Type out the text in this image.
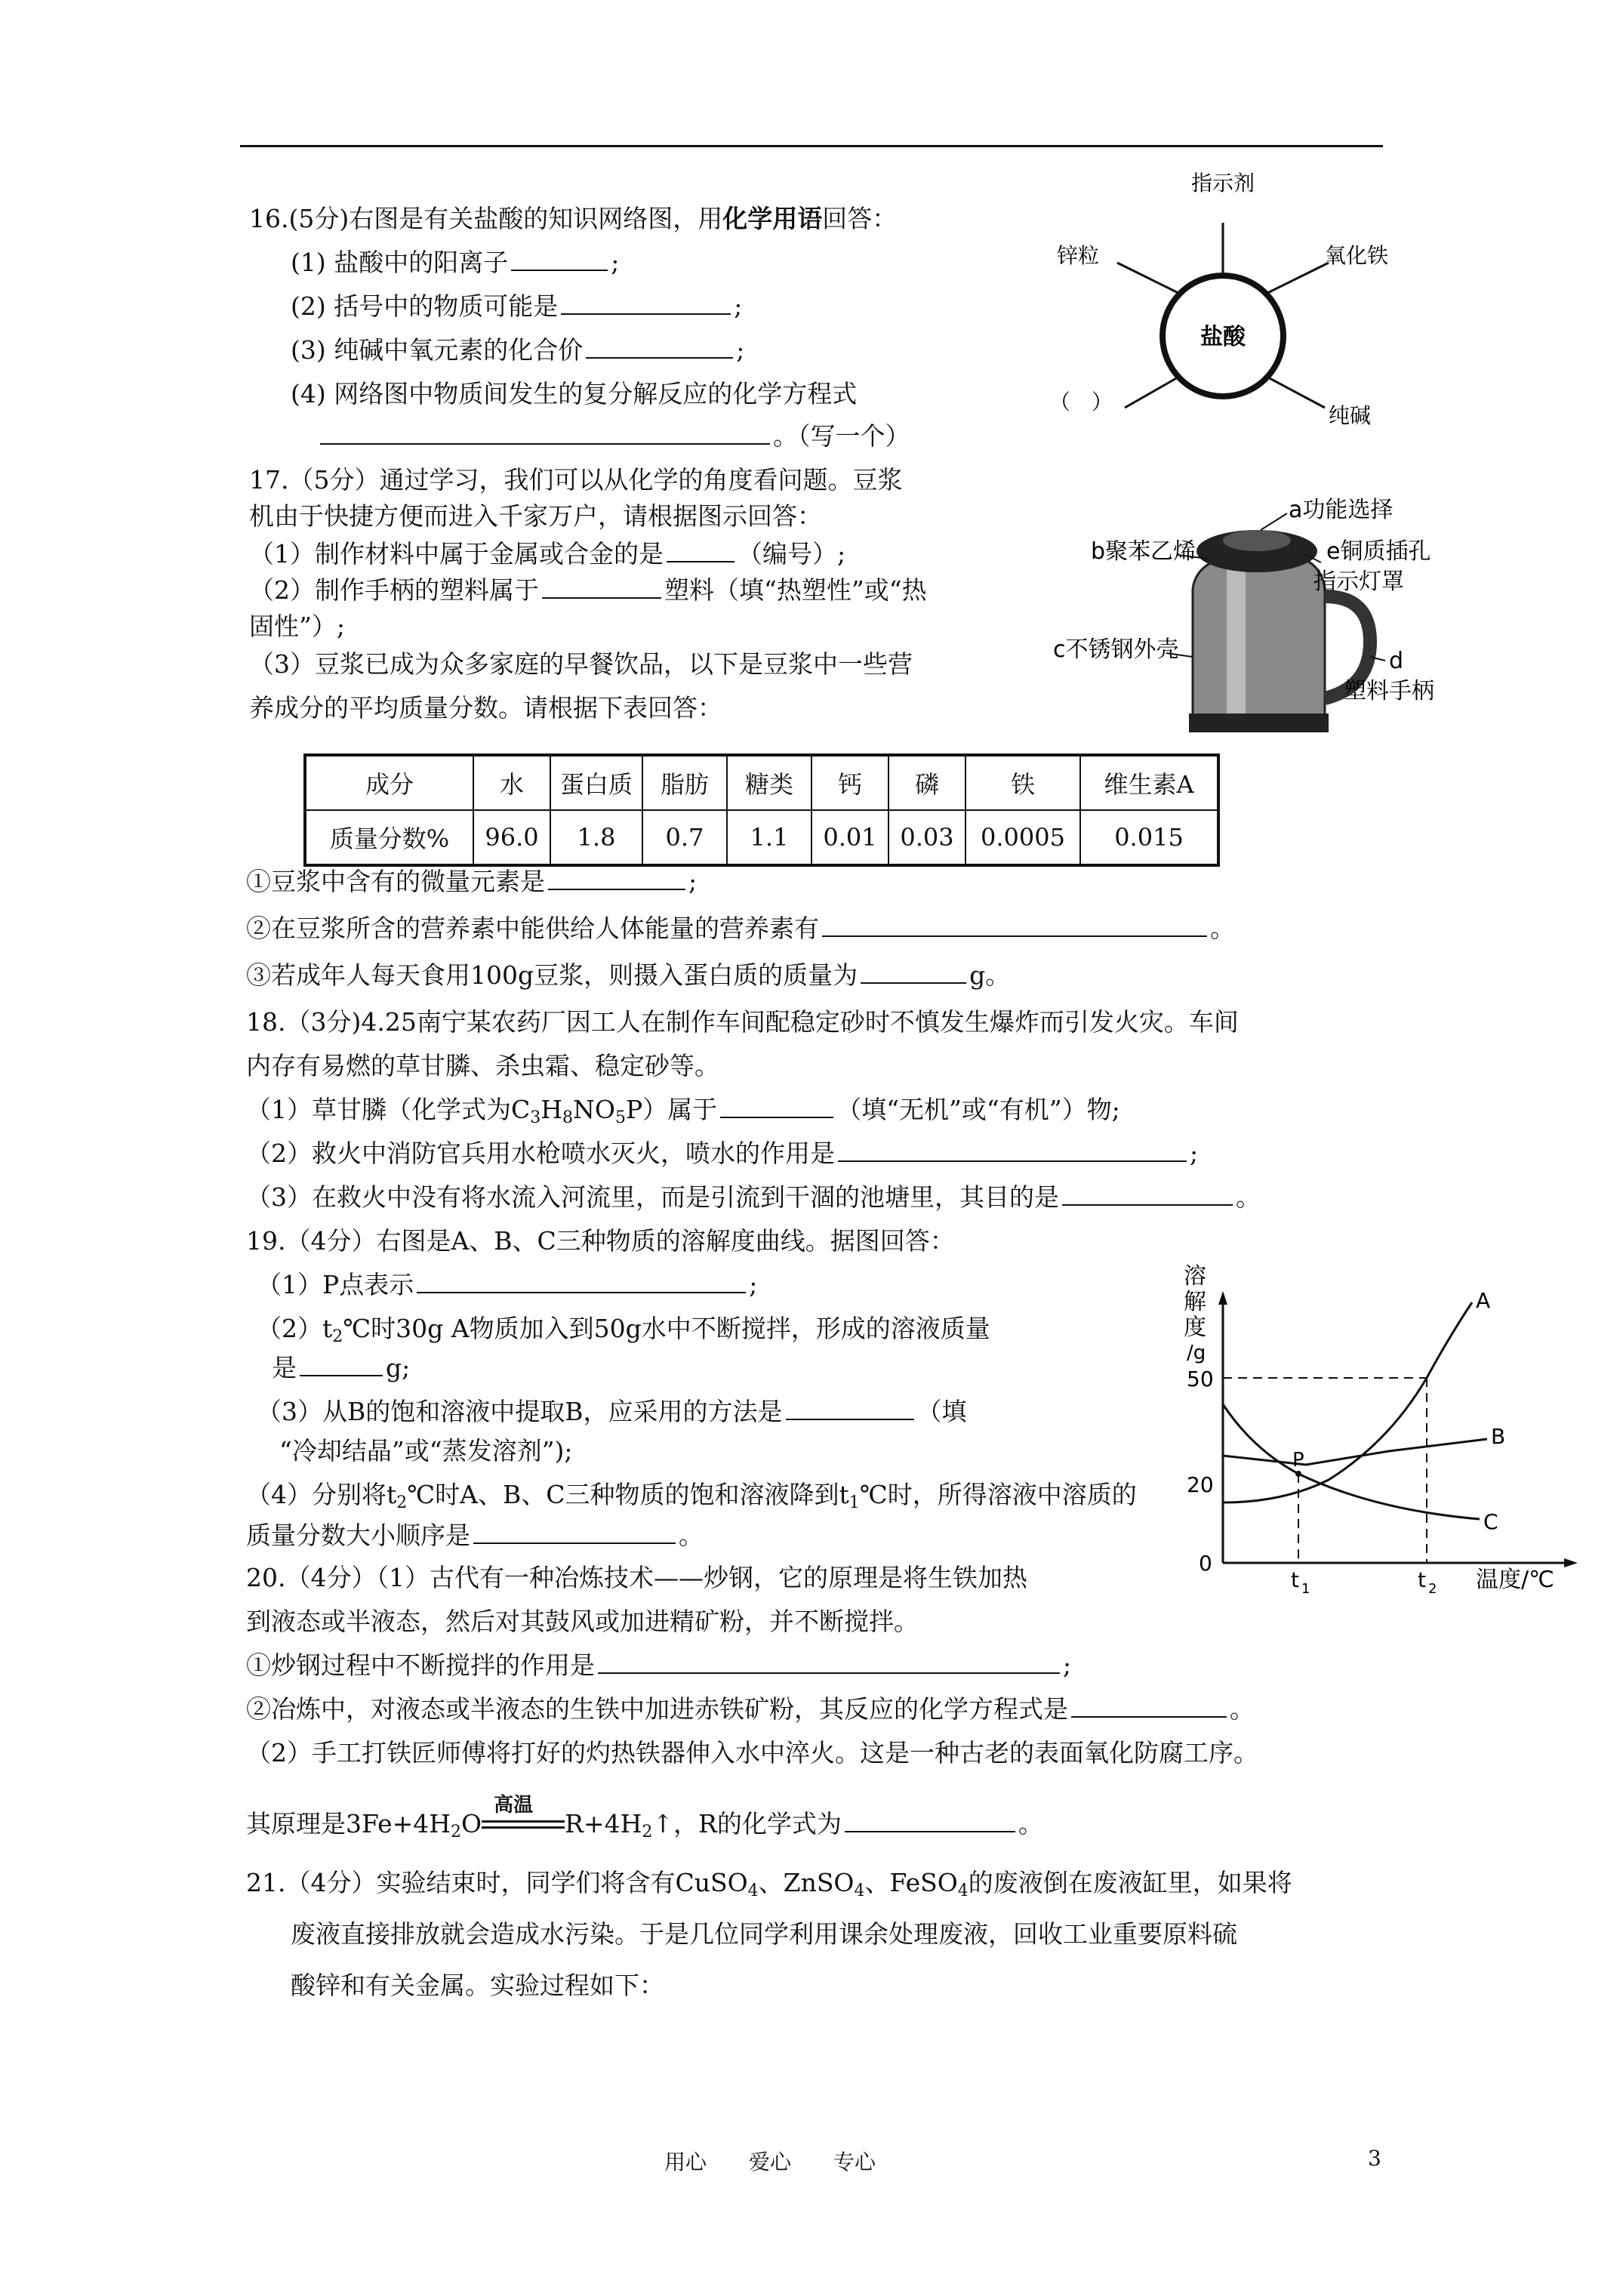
16.(5分)右图是有关盐酸的知识网络图，用化学用语回答：
(1) 盐酸中的阳离子	;
(2) 括号中的物质可能是	;
(3) 纯碱中氧元素的化合价	;
(4) 网络图中物质间发生的复分解反应的化学方程式
。（写一个）
盐酸
指示剂
锌粒	氧化铁
（　）
纯碱
17.（5分）通过学习，我们可以从化学的角度看问题。豆浆
机由于快捷方便而进入千家万户，请根据图示回答：
（1）制作材料中属于金属或合金的是	（编号）;
（2）制作手柄的塑料属于	塑料（填“热塑性”或“热
固性”）;
（3）豆浆已成为众多家庭的早餐饮品，以下是豆浆中一些营
养成分的平均质量分数。请根据下表回答：
a功能选择
b聚苯乙烯	e铜质插孔
指示灯罩
c不锈钢外壳	d
塑料手柄
成分	水	蛋白质	脂肪	糖类	钙	磷	铁	维生素A
质量分数%	96.0	1.8	0.7	1.1	0.01	0.03	0.0005	0.015
①豆浆中含有的微量元素是	;
②在豆浆所含的营养素中能供给人体能量的营养素有	。
③若成年人每天食用100g豆浆，则摄入蛋白质的质量为	g。
18.（3分)4.25南宁某农药厂因工人在制作车间配稳定砂时不慎发生爆炸而引发火灾。车间
内存有易燃的草甘膦、杀虫霜、稳定砂等。
（1）草甘膦（化学式为$C_3H_8NO_5P$）属于	（填“无机”或“有机”）物;
（2）救火中消防官兵用水枪喷水灭火，喷水的作用是	;
（3）在救火中没有将水流入河流里，而是引流到干涸的池塘里，其目的是	。
19.（4分）右图是A、B、C三种物质的溶解度曲线。据图回答：
（1）P点表示	;
$(2)t_2℃$时30g A物质加入到50g水中不断搅拌，形成的溶液质量
是	g;
（3）从B的饱和溶液中提取B，应采用的方法是	（填
“冷却结晶”或“蒸发溶剂”);
（4）分别将$t_2℃$时A、B、C三种物质的饱和溶液降到$t_1℃$时，所得溶液中溶质的
质量分数大小顺序是	。
溶
解
度
/g
50
20
0
t 1	t 2 温度/℃
A
B
C
P
20.（4分）（1）古代有一种冶炼技术——炒钢，它的原理是将生铁加热
到液态或半液态，然后对其鼓风或加进精矿粉，并不断搅拌。
①炒钢过程中不断搅拌的作用是	;
②冶炼中，对液态或半液态的生铁中加进赤铁矿粉，其反应的化学方程式是	。
（2）手工打铁匠师傅将打好的灼热铁器伸入水中淬火。这是一种古老的表面氧化防腐工序。
其原理是$3Fe+4H_2O$
高温
$R+4H_2↑$，R的化学式为	。
21.（4分）实验结束时，同学们将含有CuSO$_4$、ZnSO$_4$、FeSO$_4$的废液倒在废液缸里，如果将
废液直接排放就会造成水污染。于是几位同学利用课余处理废液，回收工业重要原料硫
酸锌和有关金属。实验过程如下：
用心　　爱心　　专心	3
